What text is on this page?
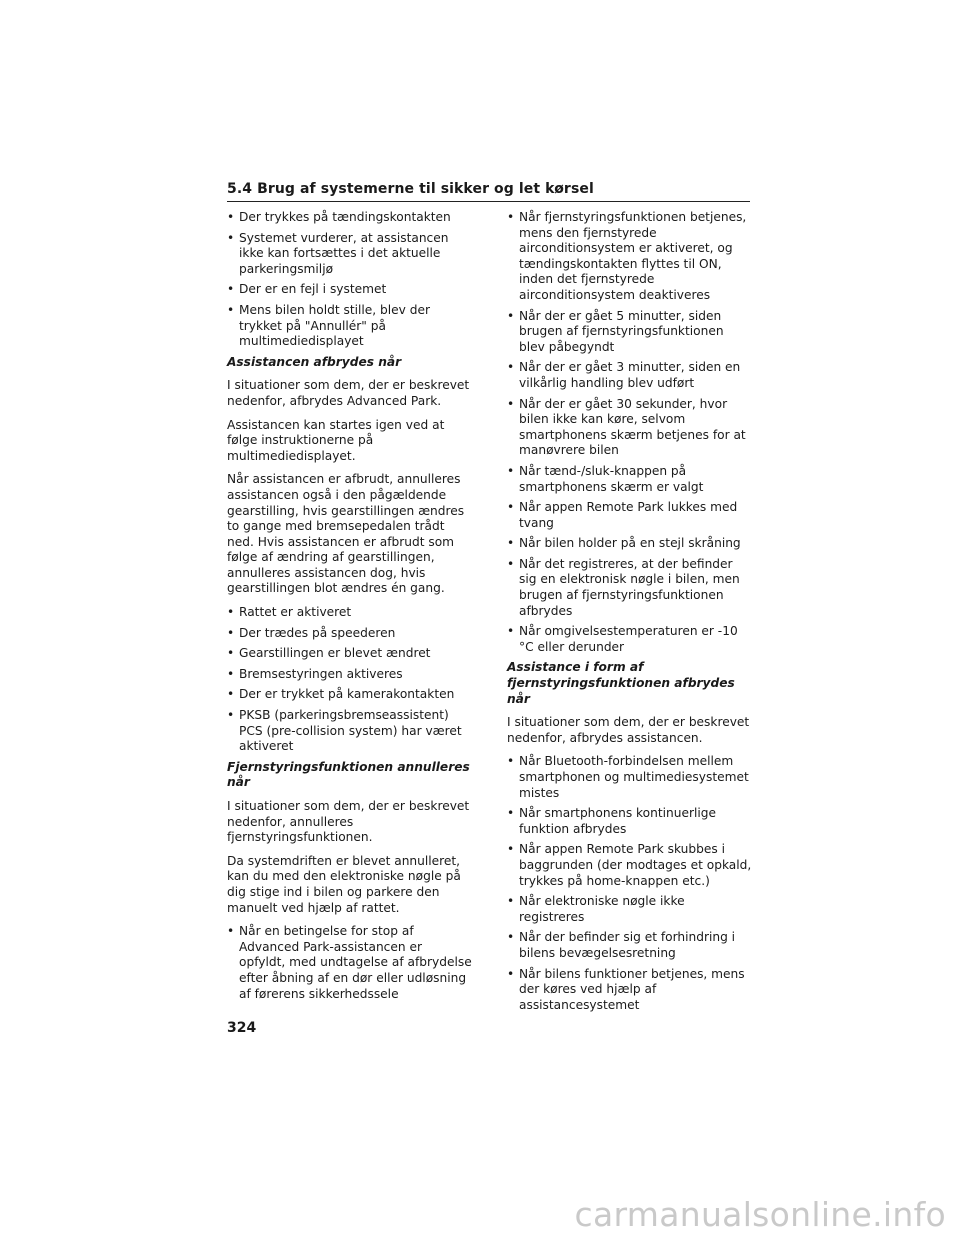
5.4 Brug af systemerne til sikker og let kørsel
• Der trykkes på tændingskontakten
• Systemet vurderer, at assistancen ikke kan fortsættes i det aktuelle parkeringsmiljø
• Der er en fejl i systemet
• Mens bilen holdt stille, blev der trykket på "Annullér" på multimediedisplayet
Assistancen afbrydes når
I situationer som dem, der er beskrevet nedenfor, afbrydes Advanced Park.
Assistancen kan startes igen ved at følge instruktionerne på multimediedisplayet.
Når assistancen er afbrudt, annulleres assistancen også i den pågældende gearstilling, hvis gearstillingen ændres to gange med bremsepedalen trådt ned. Hvis assistancen er afbrudt som følge af ændring af gearstillingen, annulleres assistancen dog, hvis gearstillingen blot ændres én gang.
• Rattet er aktiveret
• Der trædes på speederen
• Gearstillingen er blevet ændret
• Bremsestyringen aktiveres
• Der er trykket på kamerakontakten
• PKSB (parkeringsbremseassistent) PCS (pre-collision system) har været aktiveret
Fjernstyringsfunktionen annulleres når
I situationer som dem, der er beskrevet nedenfor, annulleres fjernstyringsfunktionen.
Da systemdriften er blevet annulleret, kan du med den elektroniske nøgle på dig stige ind i bilen og parkere den manuelt ved hjælp af rattet.
• Når en betingelse for stop af Advanced Park-assistancen er opfyldt, med undtagelse af afbrydelse efter åbning af en dør eller udløsning af førerens sikkerhedssele
• Når fjernstyringsfunktionen betjenes, mens den fjernstyrede airconditionsystem er aktiveret, og tændingskontakten flyttes til ON, inden det fjernstyrede airconditionsystem deaktiveres
• Når der er gået 5 minutter, siden brugen af fjernstyringsfunktionen blev påbegyndt
• Når der er gået 3 minutter, siden en vilkårlig handling blev udført
• Når der er gået 30 sekunder, hvor bilen ikke kan køre, selvom smartphonens skærm betjenes for at manøvrere bilen
• Når tænd-/sluk-knappen på smartphonens skærm er valgt
• Når appen Remote Park lukkes med tvang
• Når bilen holder på en stejl skråning
• Når det registreres, at der befinder sig en elektronisk nøgle i bilen, men brugen af fjernstyringsfunktionen afbrydes
• Når omgivelsestemperaturen er -10 °C eller derunder
Assistance i form af fjernstyringsfunktionen afbrydes når
I situationer som dem, der er beskrevet nedenfor, afbrydes assistancen.
• Når Bluetooth-forbindelsen mellem smartphonen og multimediesystemet mistes
• Når smartphonens kontinuerlige funktion afbrydes
• Når appen Remote Park skubbes i baggrunden (der modtages et opkald, trykkes på home-knappen etc.)
• Når elektroniske nøgle ikke registreres
• Når der befinder sig et forhindring i bilens bevægelsesretning
• Når bilens funktioner betjenes, mens der køres ved hjælp af assistancesystemet
324
carmanualsonline.info
